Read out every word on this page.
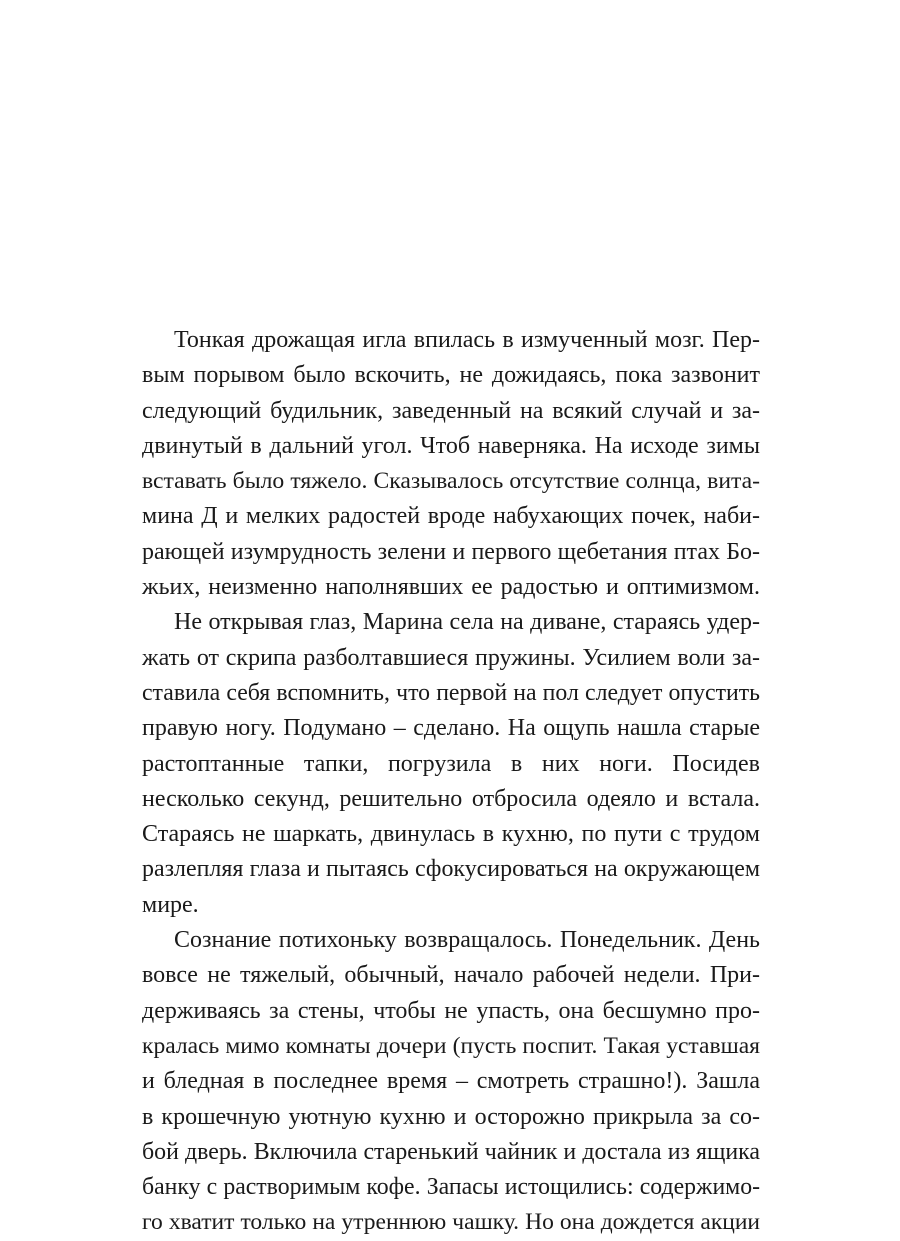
Тонкая дрожащая игла впилась в измученный мозг. Пер-
вым порывом было вскочить, не дожидаясь, пока зазвонит
следующий будильник, заведенный на всякий случай и за-
двинутый в дальний угол. Чтоб наверняка. На исходе зимы
вставать было тяжело. Сказывалось отсутствие солнца, вита-
мина Д и мелких радостей вроде набухающих почек, наби-
рающей изумрудность зелени и первого щебетания птах Бо-
жьих, неизменно наполнявших ее радостью и оптимизмом.
Не открывая глаз, Марина села на диване, стараясь удер-
жать от скрипа разболтавшиеся пружины. Усилием воли за-
ставила себя вспомнить, что первой на пол следует опустить
правую ногу. Подумано – сделано. На ощупь нашла старые
растоптанные тапки, погрузила в них ноги. Посидев
несколько секунд, решительно отбросила одеяло и встала.
Стараясь не шаркать, двинулась в кухню, по пути с трудом
разлепляя глаза и пытаясь сфокусироваться на окружающем
мире.
Сознание потихоньку возвращалось. Понедельник. День
вовсе не тяжелый, обычный, начало рабочей недели. При-
держиваясь за стены, чтобы не упасть, она бесшумно про-
кралась мимо комнаты дочери (пусть поспит. Такая уставшая
и бледная в последнее время – смотреть страшно!). Зашла
в крошечную уютную кухню и осторожно прикрыла за со-
бой дверь. Включила старенький чайник и достала из ящика
банку с растворимым кофе. Запасы истощились: содержимо-
го хватит только на утреннюю чашку. Но она дождется акции
